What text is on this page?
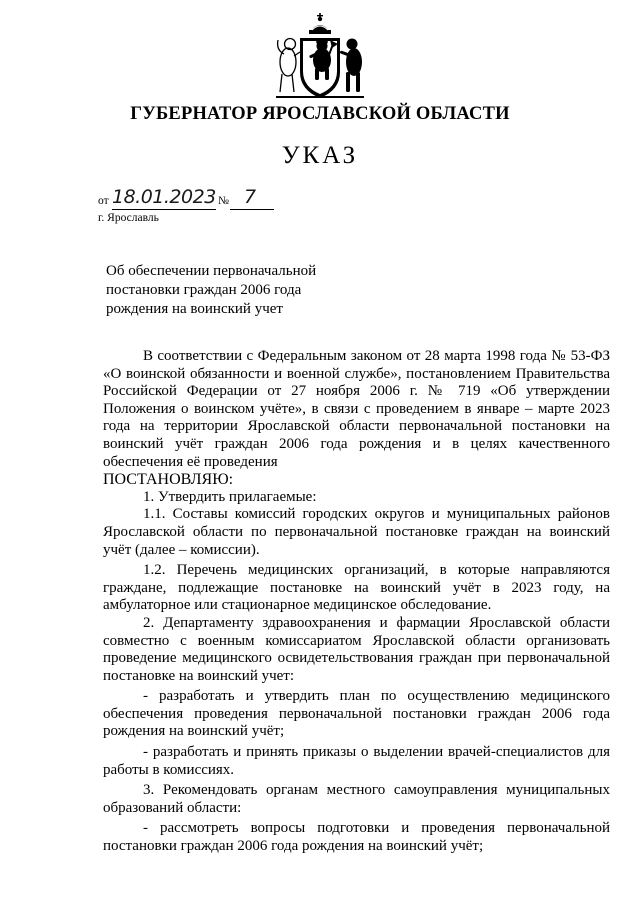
ГУБЕРНАТОР ЯРОСЛАВСКОЙ ОБЛАСТИ
УКАЗ
от 18.01.2023 № 7
г. Ярославль
Об обеспечении первоначальной
постановки граждан 2006 года
рождения на воинский учет

В соответствии с Федеральным законом от 28 марта 1998 года № 53-ФЗ «О воинской обязанности и военной службе», постановлением Правительства Российской Федерации от 27 ноября 2006 г. № 719 «Об утверждении Положения о воинском учёте», в связи с проведением в январе – марте 2023 года на территории Ярославской области первоначальной постановки на воинский учёт граждан 2006 года рождения и в целях качественного обеспечения её проведения

ПОСТАНОВЛЯЮ:

1. Утвердить прилагаемые:

1.1. Составы комиссий городских округов и муниципальных районов Ярославской области по первоначальной постановке граждан на воинский учёт (далее – комиссии).

1.2. Перечень медицинских организаций, в которые направляются граждане, подлежащие постановке на воинский учёт в 2023 году, на амбулаторное или стационарное медицинское обследование.

2. Департаменту здравоохранения и фармации Ярославской области совместно с военным комиссариатом Ярославской области организовать проведение медицинского освидетельствования граждан при первоначальной постановке на воинский учет:

- разработать и утвердить план по осуществлению медицинского обеспечения проведения первоначальной постановки граждан 2006 года рождения на воинский учёт;

- разработать и принять приказы о выделении врачей-специалистов для работы в комиссиях.

3. Рекомендовать органам местного самоуправления муниципальных образований области:

- рассмотреть вопросы подготовки и проведения первоначальной постановки граждан 2006 года рождения на воинский учёт;
